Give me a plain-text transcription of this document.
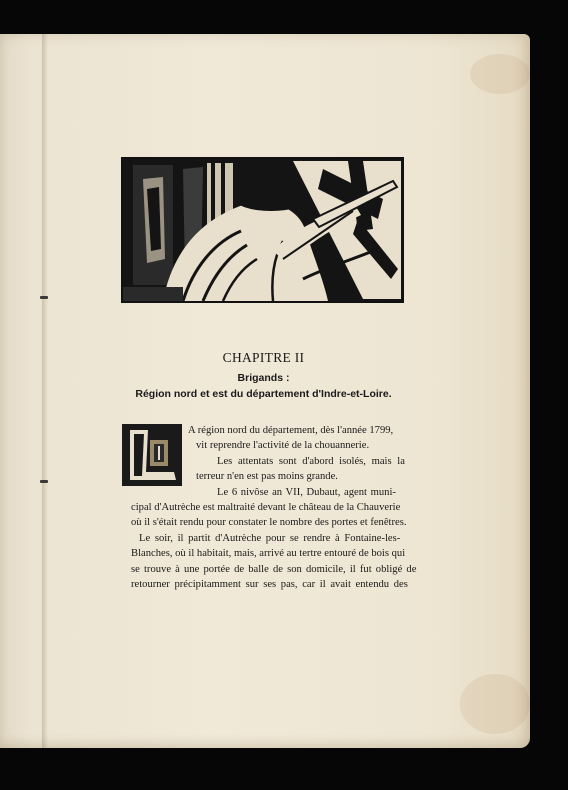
CHAPITRE II
Brigands :
Région nord et est du département d'Indre-et-Loire.
A région nord du département, dès l'année 1799,
vit reprendre l'activité de la chouannerie.
Les attentats sont d'abord isolés, mais la
terreur n'en est pas moins grande.
Le 6 nivôse an VII, Dubaut, agent muni-
cipal d'Autrèche est maltraité devant le château de la Chauverie
où il s'était rendu pour constater le nombre des portes et fenêtres.
Le soir, il partit d'Autrèche pour se rendre à Fontaine-les-
Blanches, où il habitait, mais, arrivé au tertre entouré de bois qui
se trouve à une portée de balle de son domicile, il fut obligé de
retourner précipitamment sur ses pas, car il avait entendu des
